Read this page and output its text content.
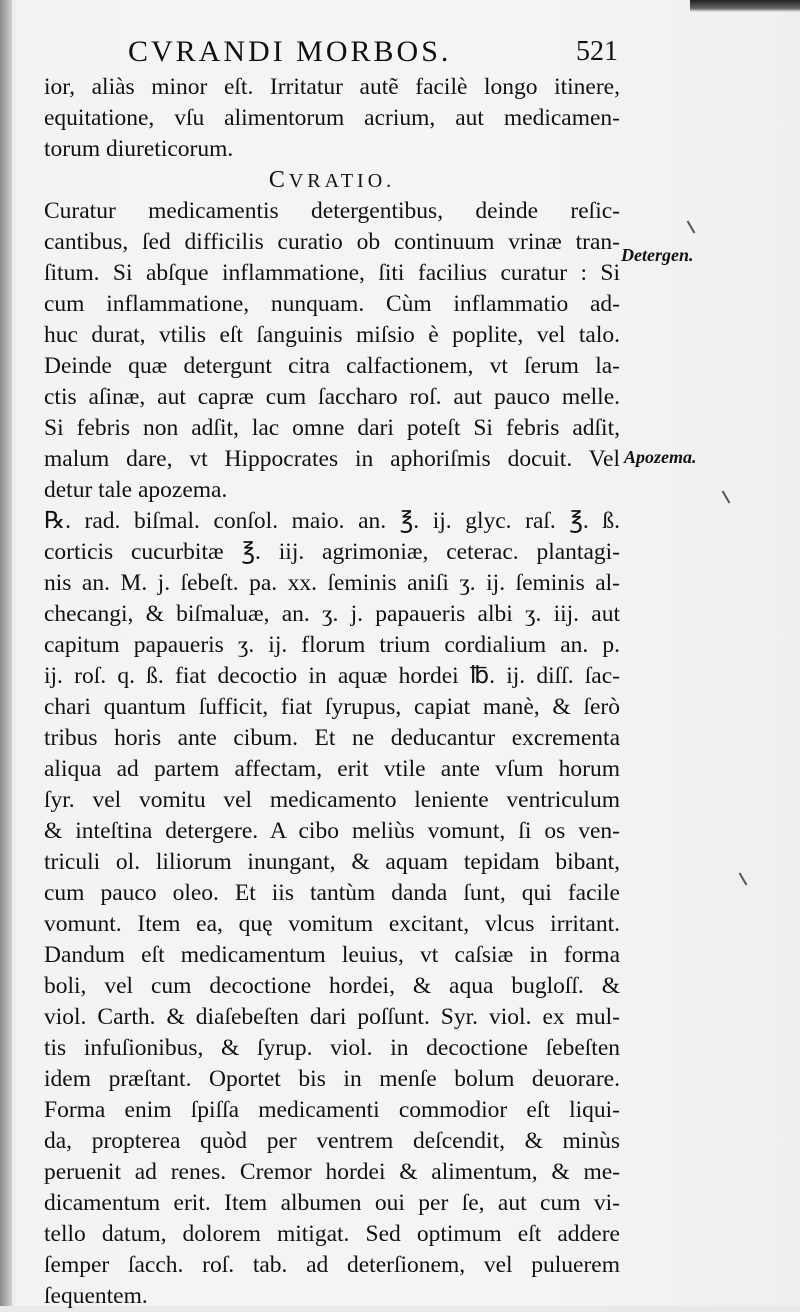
CVRANDI MORBOS.	521
ior, aliàs minor eſt. Irritatur autẽ facilè longo itinere,
equitatione, vſu alimentorum acrium, aut medicamen-
torum diureticorum.
CVRATIO.
Curatur medicamentis detergentibus, deinde reſic-
cantibus, ſed difficilis curatio ob continuum vrinæ tran-
ſitum. Si abſque inflammatione, ſiti facilius curatur : Si
cum inflammatione, nunquam. Cùm inflammatio ad-
huc durat, vtilis eſt ſanguinis miſsio è poplite, vel talo.
Deinde quæ detergunt citra calfactionem, vt ſerum la-
ctis aſinæ, aut capræ cum ſaccharo roſ. aut pauco melle.
Si febris non adſit, lac omne dari poteſt Si febris adſit,
malum dare, vt Hippocrates in aphoriſmis docuit. Vel
detur tale apozema.
℞. rad. biſmal. conſol. maio. an. ℥. ij. glyc. raſ. ℥. ß.
corticis cucurbitæ ℥. iij. agrimoniæ, ceterac. plantagi-
nis an. M. j. ſebeſt. pa. xx. ſeminis aniſi ʒ. ij. ſeminis al-
checangi, & biſmaluæ, an. ʒ. j. papaueris albi ʒ. iij. aut
capitum papaueris ʒ. ij. florum trium cordialium an. p.
ij. roſ. q. ß. fiat decoctio in aquæ hordei ℔. ij. diſſ. ſac-
chari quantum ſufficit, fiat ſyrupus, capiat manè, & ſerò
tribus horis ante cibum. Et ne deducantur excrementa
aliqua ad partem affectam, erit vtile ante vſum horum
ſyr. vel vomitu vel medicamento leniente ventriculum
& inteſtina detergere. A cibo meliùs vomunt, ſi os ven-
triculi ol. liliorum inungant, & aquam tepidam bibant,
cum pauco oleo. Et iis tantùm danda ſunt, qui facile
vomunt. Item ea, quę vomitum excitant, vlcus irritant.
Dandum eſt medicamentum leuius, vt caſsiæ in forma
boli, vel cum decoctione hordei, & aqua bugloſſ. &
viol. Carth. & diaſebeſten dari poſſunt. Syr. viol. ex mul-
tis infuſionibus, & ſyrup. viol. in decoctione ſebeſten
idem præſtant. Oportet bis in menſe bolum deuorare.
Forma enim ſpiſſa medicamenti commodior eſt liqui-
da, propterea quòd per ventrem deſcendit, & minùs
peruenit ad renes. Cremor hordei & alimentum, & me-
dicamentum erit. Item albumen oui per ſe, aut cum vi-
tello datum, dolorem mitigat. Sed optimum eſt addere
ſemper ſacch. roſ. tab. ad deterſionem, vel puluerem
ſequentem.
Detergen.
Apozema.
